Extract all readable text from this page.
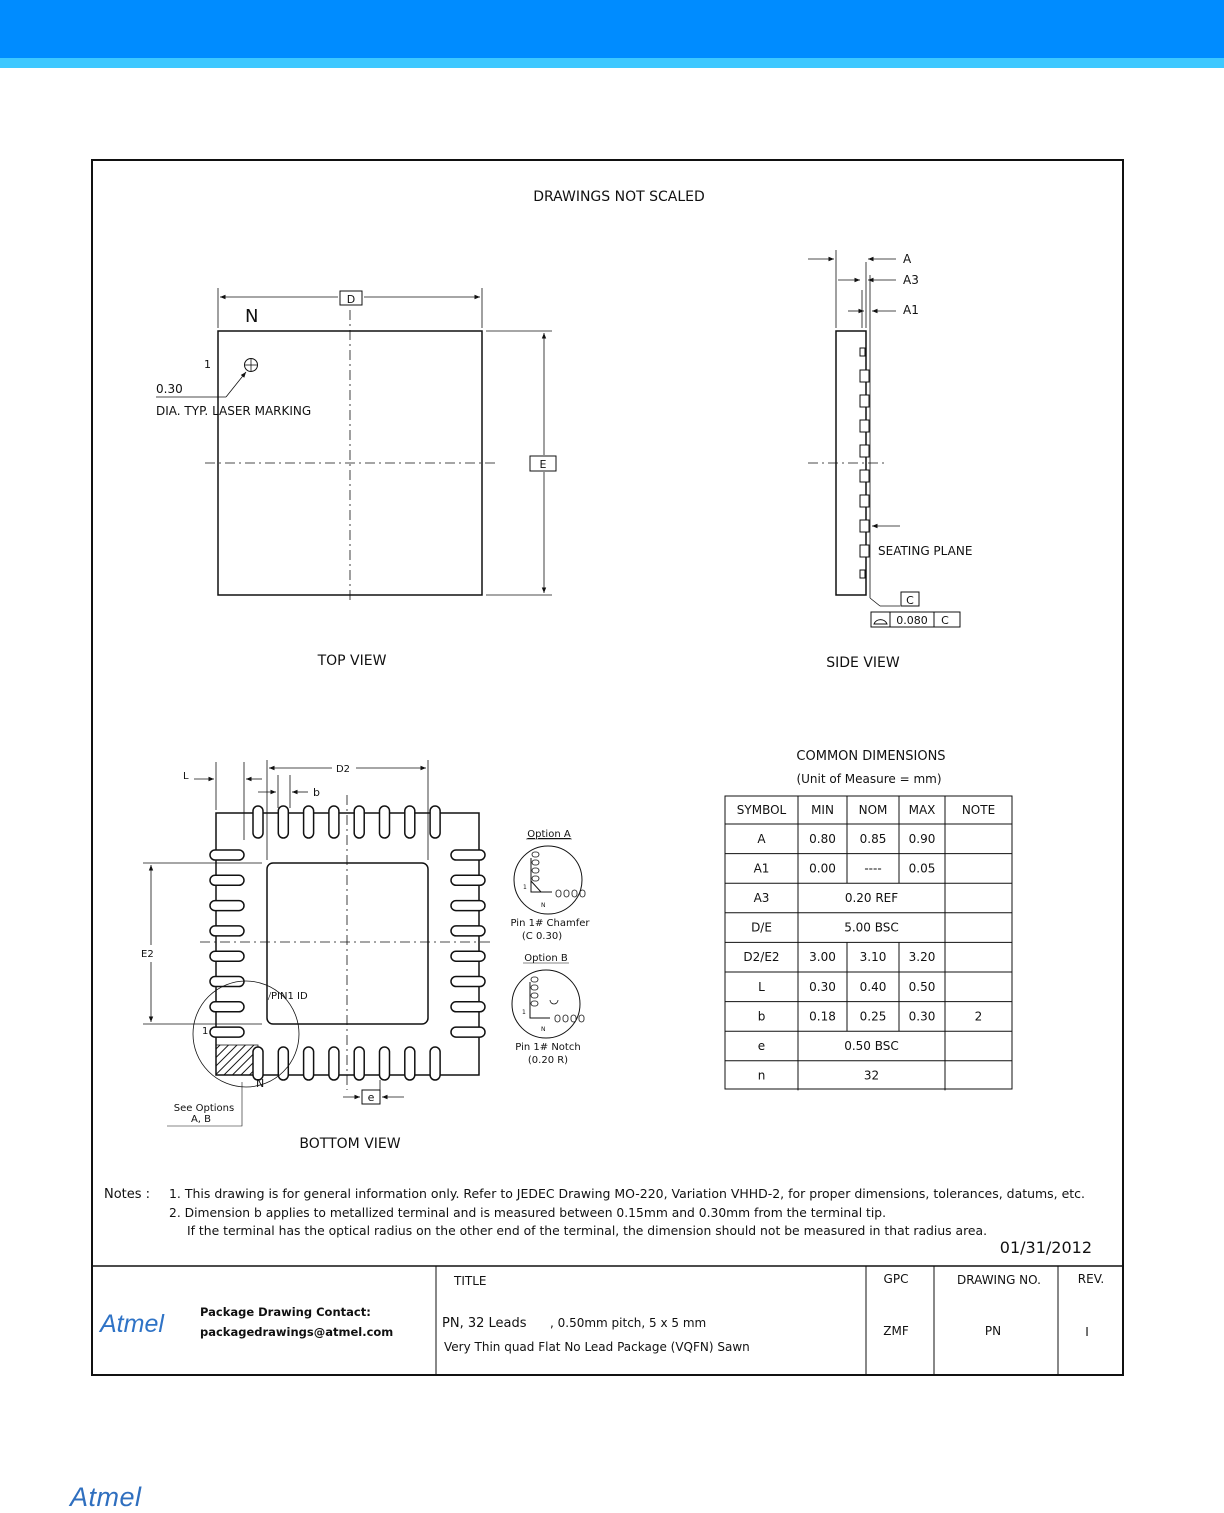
DRAWINGS NOT SCALED
D
E
N
1
0.30
DIA. TYP. LASER MARKING
TOP VIEW
A
A3
A1
SEATING PLANE
C
0.080 C
SIDE VIEW
L
D2
b
E2
e
PIN1 ID
1
N
See Options
A, B
BOTTOM VIEW
Option A
1
N
Pin 1# Chamfer
(C 0.30)
Option B
1
N
Pin 1# Notch
(0.20 R)
COMMON DIMENSIONS
(Unit of Measure = mm)
SYMBOL MIN NOM MAX NOTE
A	0.80 0.85 0.90
A1	0.00 ---- 0.05
A3	0.20 REF
D/E	5.00 BSC
D2/E2 3.00 3.10 3.20
L	0.30 0.40 0.50
b	0.18 0.25 0.30	2
e	0.50 BSC
n	32
Notes : 1. This drawing is for general information only. Refer to JEDEC Drawing MO-220, Variation VHHD-2, for proper dimensions, tolerances, datums, etc.
2. Dimension b applies to metallized terminal and is measured between 0.15mm and 0.30mm from the terminal tip.
If the terminal has the optical radius on the other end of the terminal, the dimension should not be measured in that radius area.
01/31/2012
Atmel	Package Drawing Contact:
packagedrawings@atmel.com
TITLE
PN, 32 Leads , 0.50mm pitch, 5 x 5 mm
Very Thin quad Flat No Lead Package (VQFN) Sawn
GPC
ZMF
DRAWING NO.
PN
REV.
I
Atmel
